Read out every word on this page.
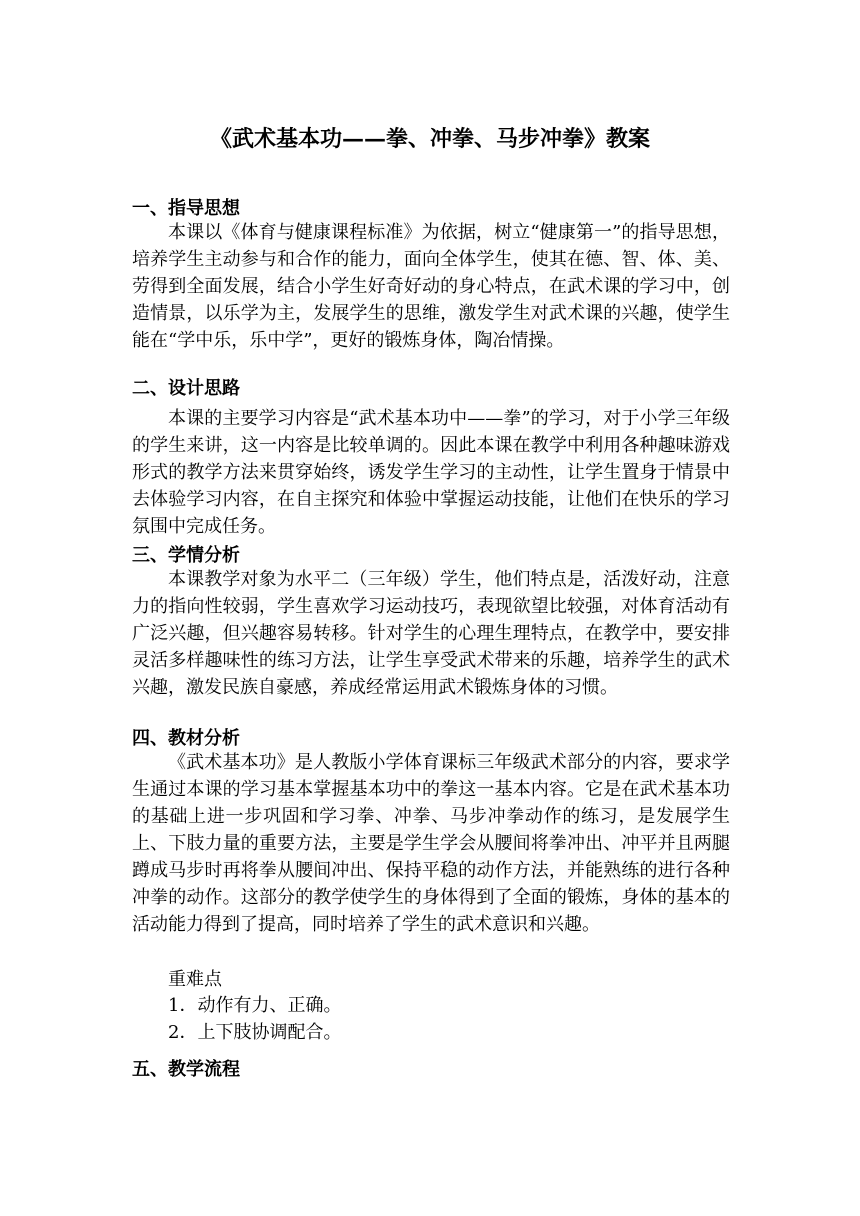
《武术基本功——拳、冲拳、马步冲拳》教案
一、指导思想

本课以《体育与健康课程标准》为依据，树立“健康第一”的指导思想，培养学生主动参与和合作的能力，面向全体学生，使其在德、智、体、美、劳得到全面发展，结合小学生好奇好动的身心特点，在武术课的学习中，创造情景，以乐学为主，发展学生的思维，激发学生对武术课的兴趣，使学生能在“学中乐，乐中学”，更好的锻炼身体，陶冶情操。

二、设计思路

本课的主要学习内容是“武术基本功中——拳”的学习，对于小学三年级的学生来讲，这一内容是比较单调的。因此本课在教学中利用各种趣味游戏形式的教学方法来贯穿始终，诱发学生学习的主动性，让学生置身于情景中去体验学习内容，在自主探究和体验中掌握运动技能，让他们在快乐的学习氛围中完成任务。

三、学情分析

本课教学对象为水平二（三年级）学生，他们特点是，活泼好动，注意力的指向性较弱，学生喜欢学习运动技巧，表现欲望比较强，对体育活动有广泛兴趣，但兴趣容易转移。针对学生的心理生理特点，在教学中，要安排灵活多样趣味性的练习方法，让学生享受武术带来的乐趣，培养学生的武术兴趣，激发民族自豪感，养成经常运用武术锻炼身体的习惯。

四、教材分析

《武术基本功》是人教版小学体育课标三年级武术部分的内容，要求学生通过本课的学习基本掌握基本功中的拳这一基本内容。它是在武术基本功的基础上进一步巩固和学习拳、冲拳、马步冲拳动作的练习，是发展学生上、下肢力量的重要方法，主要是学生学会从腰间将拳冲出、冲平并且两腿蹲成马步时再将拳从腰间冲出、保持平稳的动作方法，并能熟练的进行各种冲拳的动作。这部分的教学使学生的身体得到了全面的锻炼，身体的基本的活动能力得到了提高，同时培养了学生的武术意识和兴趣。

重难点
1．动作有力、正确。
2．上下肢协调配合。
五、教学流程
